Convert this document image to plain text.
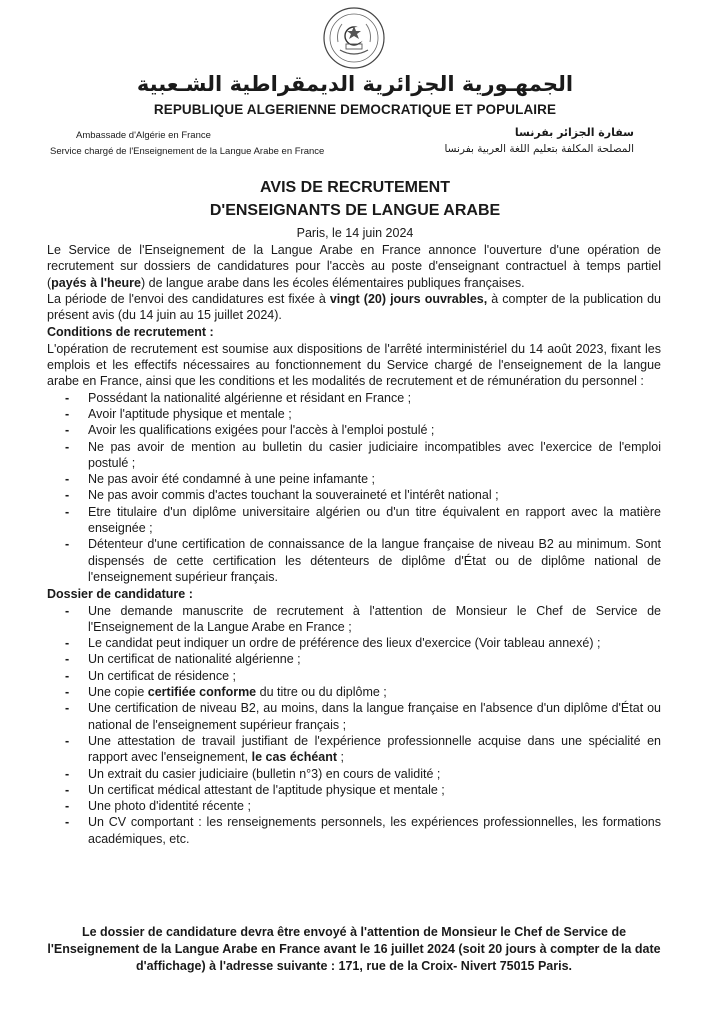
الجمهـورية الجزائرية الديمقراطية الشـعبية
REPUBLIQUE ALGERIENNE DEMOCRATIQUE ET POPULAIRE
Ambassade d'Algérie en France
Service chargé de l'Enseignement de la Langue Arabe en France
سفارة الجزائر بفرنسا
المصلحة المكلفة بتعليم اللغة العربية بفرنسا
AVIS DE RECRUTEMENT
D'ENSEIGNANTS DE LANGUE ARABE
Paris, le 14 juin 2024

Le Service de l'Enseignement de la Langue Arabe en France annonce l'ouverture d'une opération de recrutement sur dossiers de candidatures pour l'accès au poste d'enseignant contractuel à temps partiel (payés à l'heure) de langue arabe dans les écoles élémentaires publiques françaises.

La période de l'envoi des candidatures est fixée à vingt (20) jours ouvrables, à compter de la publication du présent avis (du 14 juin au 15 juillet 2024).

Conditions de recrutement :

L'opération de recrutement est soumise aux dispositions de l'arrêté interministériel du 14 août 2023, fixant les emplois et les effectifs nécessaires au fonctionnement du Service chargé de l'enseignement de la langue arabe en France, ainsi que les conditions et les modalités de recrutement et de rémunération du personnel :

- Possédant la nationalité algérienne et résidant en France ;
- Avoir l'aptitude physique et mentale ;
- Avoir les qualifications exigées pour l'accès à l'emploi postulé ;
- Ne pas avoir de mention au bulletin du casier judiciaire incompatibles avec l'exercice de l'emploi postulé ;
- Ne pas avoir été condamné à une peine infamante ;
- Ne pas avoir commis d'actes touchant la souveraineté et l'intérêt national ;
- Etre titulaire d'un diplôme universitaire algérien ou d'un titre équivalent en rapport avec la matière enseignée ;
- Détenteur d'une certification de connaissance de la langue française de niveau B2 au minimum. Sont dispensés de cette certification les détenteurs de diplôme d'État ou de diplôme national de l'enseignement supérieur français.

Dossier de candidature :

- Une demande manuscrite de recrutement à l'attention de Monsieur le Chef de Service de l'Enseignement de la Langue Arabe en France ;
- Le candidat peut indiquer un ordre de préférence des lieux d'exercice (Voir tableau annexé) ;
- Un certificat de nationalité algérienne ;
- Un certificat de résidence ;
- Une copie certifiée conforme du titre ou du diplôme ;
- Une certification de niveau B2, au moins, dans la langue française en l'absence d'un diplôme d'État ou national de l'enseignement supérieur français ;
- Une attestation de travail justifiant de l'expérience professionnelle acquise dans une spécialité en rapport avec l'enseignement, le cas échéant ;
- Un extrait du casier judiciaire (bulletin n°3) en cours de validité ;
- Un certificat médical attestant de l'aptitude physique et mentale ;
- Une photo d'identité récente ;
- Un CV comportant : les renseignements personnels, les expériences professionnelles, les formations académiques, etc.
Le dossier de candidature devra être envoyé à l'attention de Monsieur le Chef de Service de l'Enseignement de la Langue Arabe en France avant le 16 juillet 2024 (soit 20 jours à compter de la date d'affichage) à l'adresse suivante : 171, rue de la Croix- Nivert 75015 Paris.
